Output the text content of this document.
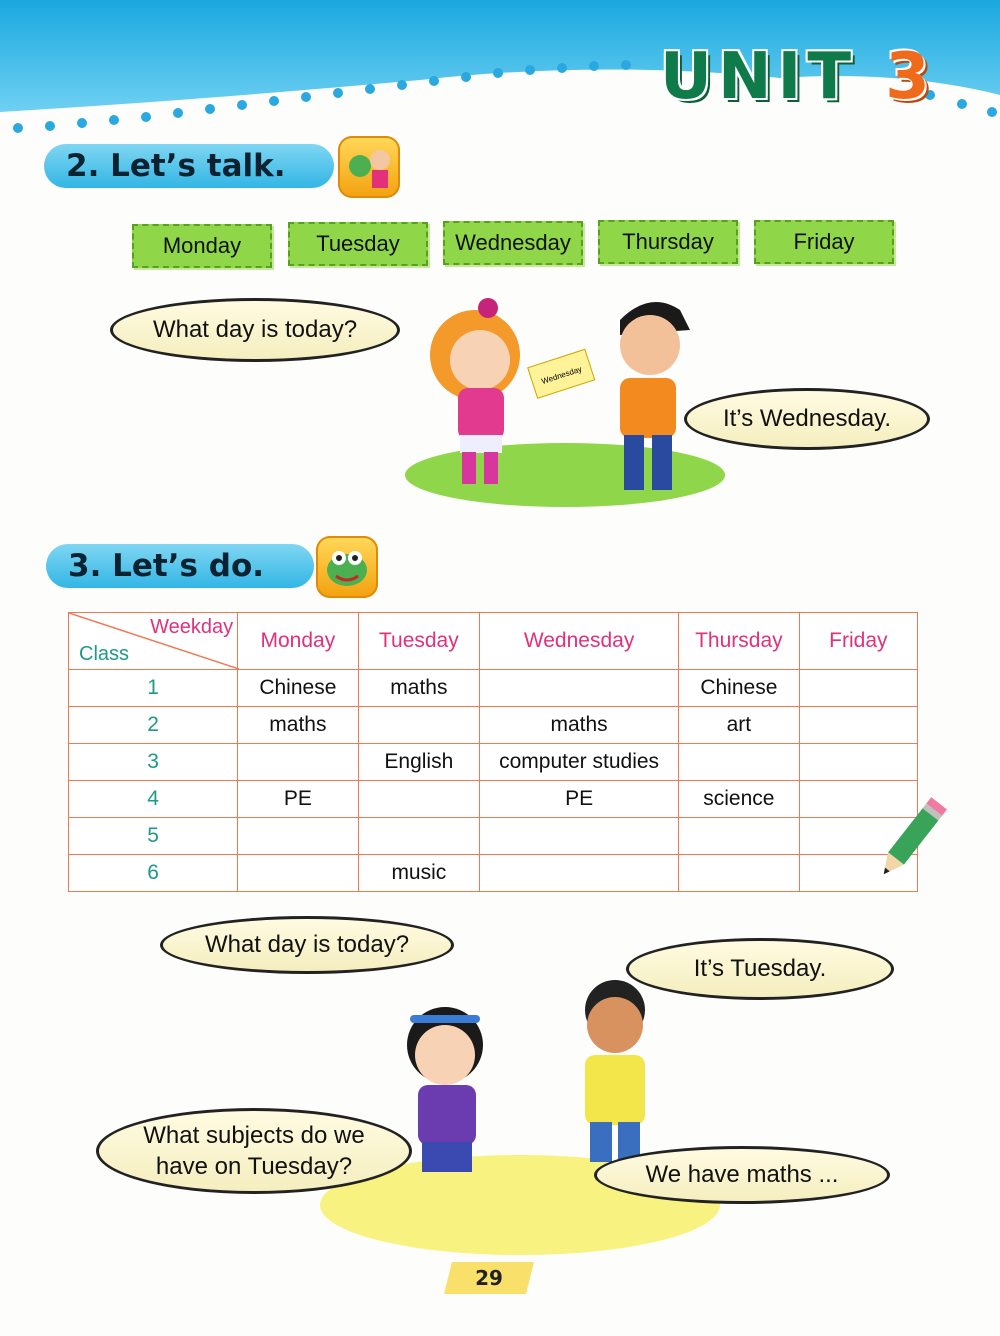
UNIT 3
2. Let’s talk.
Monday	Tuesday	Wednesday	Thursday	Friday
Wednesday
What day is today?
It’s Wednesday.
3. Let’s do.
Weekday
Class	Monday	Tuesday	Wednesday	Thursday	Friday
1	Chinese	maths		Chinese	
2	maths		maths	art	
3		English	computer studies		
4	PE		PE	science	
5					
6		music			
What day is today?
It’s Tuesday.
What subjects do we
have on Tuesday?	We have maths ...
29
